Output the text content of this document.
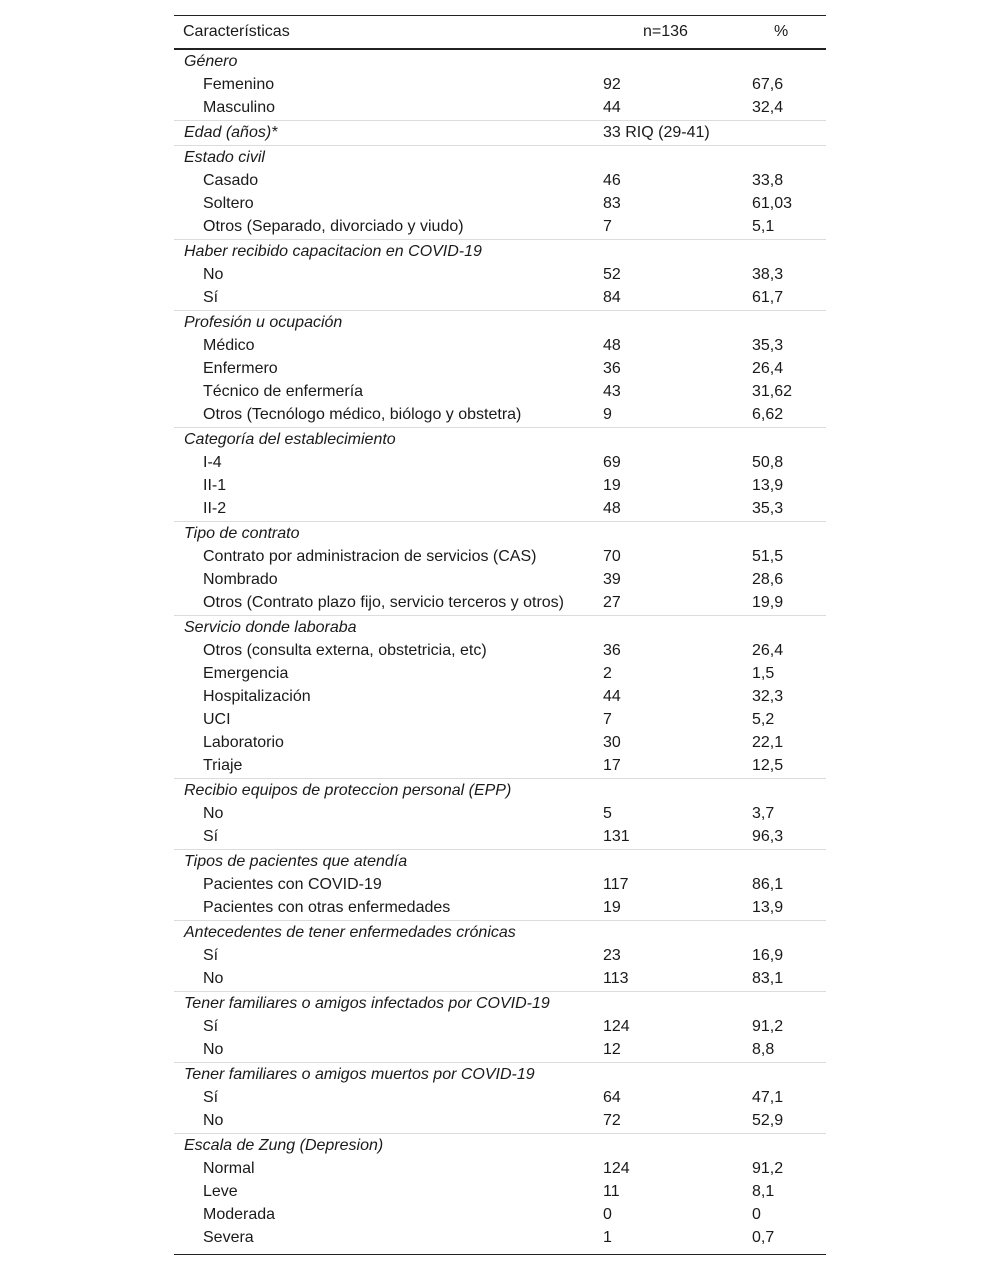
Características	n=136	%
Género
Femenino	92	67,6
Masculino	44	32,4
Edad (años)*	33 RIQ (29-41)
Estado civil
Casado	46	33,8
Soltero	83	61,03
Otros (Separado, divorciado y viudo)	7	5,1
Haber recibido capacitacion en COVID-19
No	52	38,3
Sí	84	61,7
Profesión u ocupación
Médico	48	35,3
Enfermero	36	26,4
Técnico de enfermería	43	31,62
Otros (Tecnólogo médico, biólogo y obstetra)	9	6,62
Categoría del establecimiento
I-4	69	50,8
II-1	19	13,9
II-2	48	35,3
Tipo de contrato
Contrato por administracion de servicios (CAS)	70	51,5
Nombrado	39	28,6
Otros (Contrato plazo fijo, servicio terceros y otros) 27	19,9
Servicio donde laboraba
Otros (consulta externa, obstetricia, etc)	36	26,4
Emergencia	2	1,5
Hospitalización	44	32,3
UCI	7	5,2
Laboratorio	30	22,1
Triaje	17	12,5
Recibio equipos de proteccion personal (EPP)
No	5	3,7
Sí	131	96,3
Tipos de pacientes que atendía
Pacientes con COVID-19	117	86,1
Pacientes con otras enfermedades	19	13,9
Antecedentes de tener enfermedades crónicas
Sí	23	16,9
No	113	83,1
Tener familiares o amigos infectados por COVID-19
Sí	124	91,2
No	12	8,8
Tener familiares o amigos muertos por COVID-19
Sí	64	47,1
No	72	52,9
Escala de Zung (Depresion)
Normal	124	91,2
Leve	11	8,1
Moderada	0	0
Severa	1	0,7
